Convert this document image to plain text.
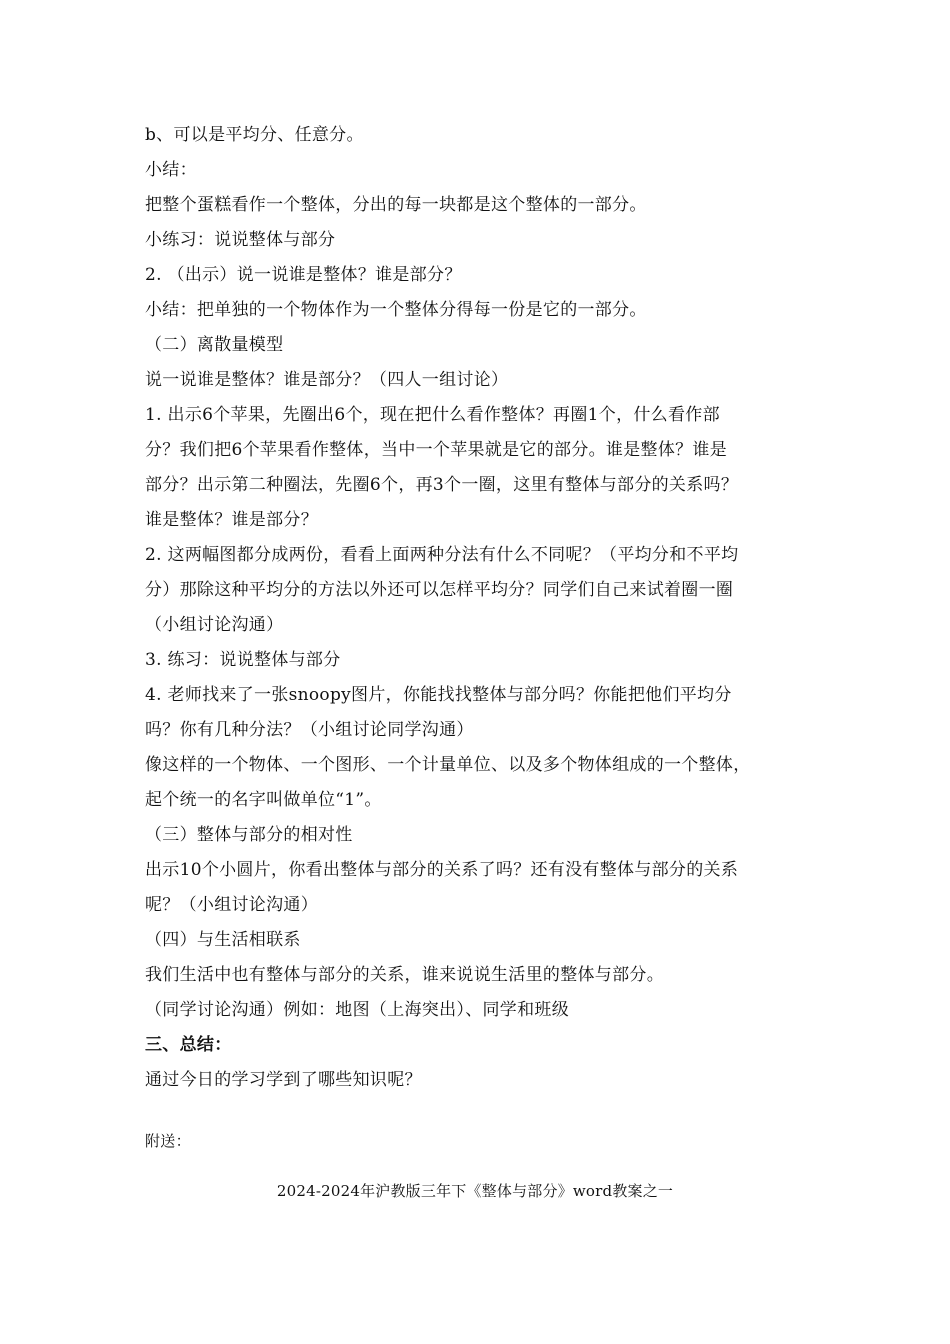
b、可以是平均分、任意分。
小结：
把整个蛋糕看作一个整体，分出的每一块都是这个整体的一部分。
小练习：说说整体与部分
2. （出示）说一说谁是整体？谁是部分？
小结：把单独的一个物体作为一个整体分得每一份是它的一部分。
（二）离散量模型
说一说谁是整体？谁是部分？（四人一组讨论）
1. 出示6个苹果，先圈出6个，现在把什么看作整体？再圈1个，什么看作部
分？我们把6个苹果看作整体，当中一个苹果就是它的部分。谁是整体？谁是
部分？出示第二种圈法，先圈6个，再3个一圈，这里有整体与部分的关系吗？
谁是整体？谁是部分？
2. 这两幅图都分成两份，看看上面两种分法有什么不同呢？（平均分和不平均
分）那除这种平均分的方法以外还可以怎样平均分？同学们自己来试着圈一圈
（小组讨论沟通）
3. 练习：说说整体与部分
4. 老师找来了一张snoopy图片，你能找找整体与部分吗？你能把他们平均分
吗？你有几种分法？（小组讨论同学沟通）
像这样的一个物体、一个图形、一个计量单位、以及多个物体组成的一个整体，
起个统一的名字叫做单位“1”。
（三）整体与部分的相对性
出示10个小圆片，你看出整体与部分的关系了吗？还有没有整体与部分的关系
呢？（小组讨论沟通）
（四）与生活相联系
我们生活中也有整体与部分的关系，谁来说说生活里的整体与部分。
（同学讨论沟通）例如：地图（上海突出）、同学和班级
三、总结：
通过今日的学习学到了哪些知识呢？
附送：
2024-2024年沪教版三年下《整体与部分》word教案之一
